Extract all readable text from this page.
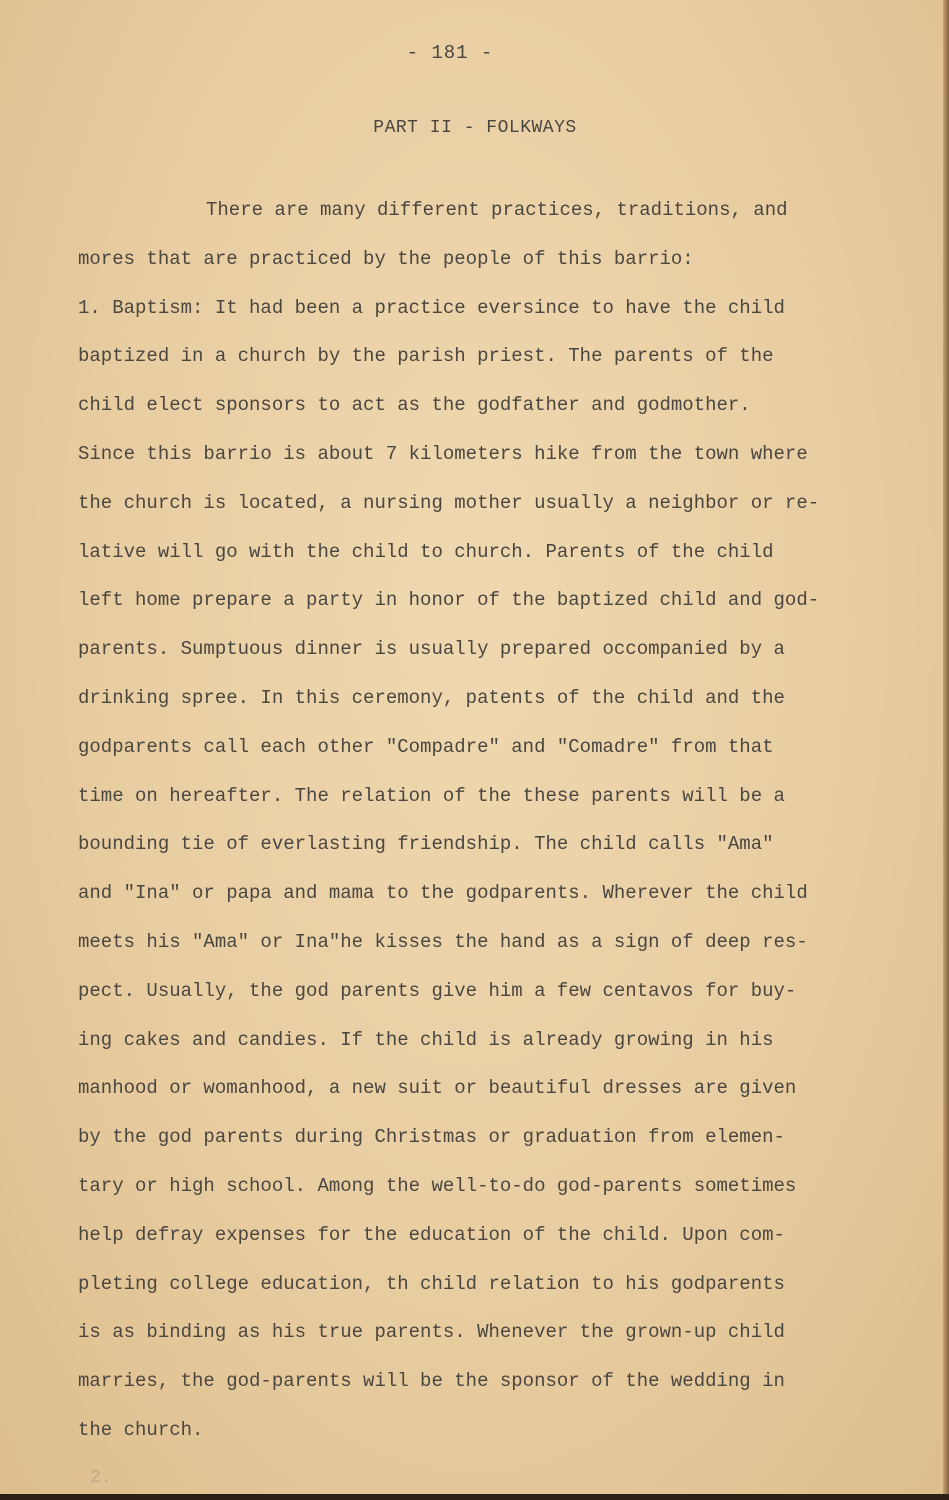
- 181 -
PART II - FOLKWAYS
There are many different practices, traditions, and
mores that are practiced by the people of this barrio:
1. Baptism: It had been a practice eversince to have the child
baptized in a church by the parish priest. The parents of the
child elect sponsors to act as the godfather and godmother.
Since this barrio is about 7 kilometers hike from the town where
the church is located, a nursing mother usually a neighbor or re-
lative will go with the child to church. Parents of the child
left home prepare a party in honor of the baptized child and god-
parents. Sumptuous dinner is usually prepared occompanied by a
drinking spree. In this ceremony, patents of the child and the
godparents call each other "Compadre" and "Comadre" from that
time on hereafter. The relation of the these parents will be a
bounding tie of everlasting friendship. The child calls "Ama"
and "Ina" or papa and mama to the godparents. Wherever the child
meets his "Ama" or Ina"he kisses the hand as a sign of deep res-
pect. Usually, the god parents give him a few centavos for buy-
ing cakes and candies. If the child is already growing in his
manhood or womanhood, a new suit or beautiful dresses are given
by the god parents during Christmas or graduation from elemen-
tary or high school. Among the well-to-do god-parents sometimes
help defray expenses for the education of the child. Upon com-
pleting college education, th child relation to his godparents
is as binding as his true parents. Whenever the grown-up child
marries, the god-parents will be the sponsor of the wedding in
the church.
2.
